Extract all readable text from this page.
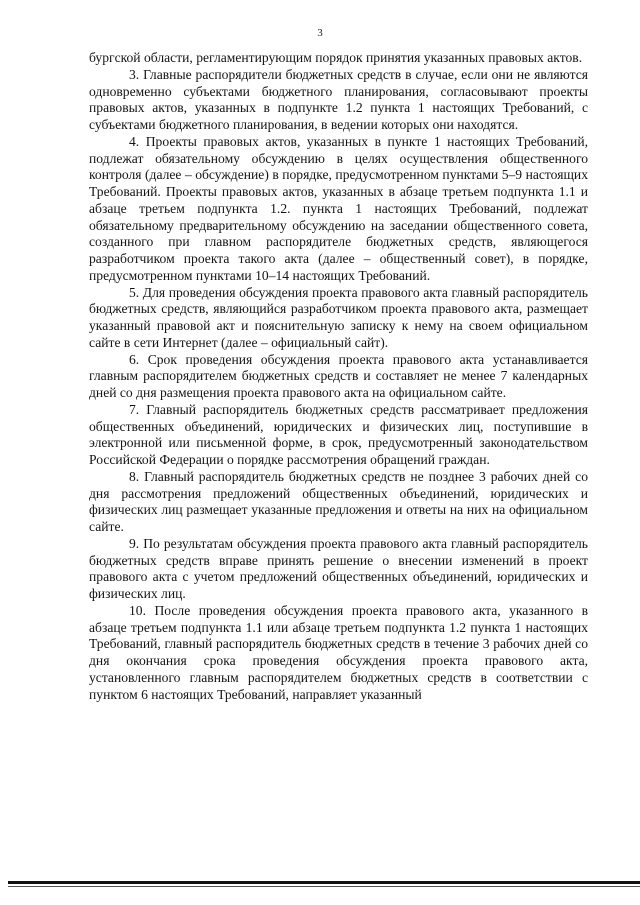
3

бургской области, регламентирующим порядок принятия указанных правовых актов.

3. Главные распорядители бюджетных средств в случае, если они не являются одновременно субъектами бюджетного планирования, согласовывают проекты правовых актов, указанных в подпункте 1.2 пункта 1 настоящих Требований, с субъектами бюджетного планирования, в ведении которых они находятся.

4. Проекты правовых актов, указанных в пункте 1 настоящих Требований, подлежат обязательному обсуждению в целях осуществления общественного контроля (далее – обсуждение) в порядке, предусмотренном пунктами 5–9 настоящих Требований. Проекты правовых актов, указанных в абзаце третьем подпункта 1.1 и абзаце третьем подпункта 1.2. пункта 1 настоящих Требований, подлежат обязательному предварительному обсуждению на заседании общественного совета, созданного при главном распорядителе бюджетных средств, являющегося разработчиком проекта такого акта (далее – общественный совет), в порядке, предусмотренном пунктами 10–14 настоящих Требований.

5. Для проведения обсуждения проекта правового акта главный распорядитель бюджетных средств, являющийся разработчиком проекта правового акта, размещает указанный правовой акт и пояснительную записку к нему на своем официальном сайте в сети Интернет (далее – официальный сайт).

6. Срок проведения обсуждения проекта правового акта устанавливается главным распорядителем бюджетных средств и составляет не менее 7 календарных дней со дня размещения проекта правового акта на официальном сайте.

7. Главный распорядитель бюджетных средств рассматривает предложения общественных объединений, юридических и физических лиц, поступившие в электронной или письменной форме, в срок, предусмотренный законодательством Российской Федерации о порядке рассмотрения обращений граждан.

8. Главный распорядитель бюджетных средств не позднее 3 рабочих дней со дня рассмотрения предложений общественных объединений, юридических и физических лиц размещает указанные предложения и ответы на них на официальном сайте.

9. По результатам обсуждения проекта правового акта главный распорядитель бюджетных средств вправе принять решение о внесении изменений в проект правового акта с учетом предложений общественных объединений, юридических и физических лиц.

10. После проведения обсуждения проекта правового акта, указанного в абзаце третьем подпункта 1.1 или абзаце третьем подпункта 1.2 пункта 1 настоящих Требований, главный распорядитель бюджетных средств в течение 3 рабочих дней со дня окончания срока проведения обсуждения проекта правового акта, установленного главным распорядителем бюджетных средств в соответствии с пунктом 6 настоящих Требований, направляет указанный
